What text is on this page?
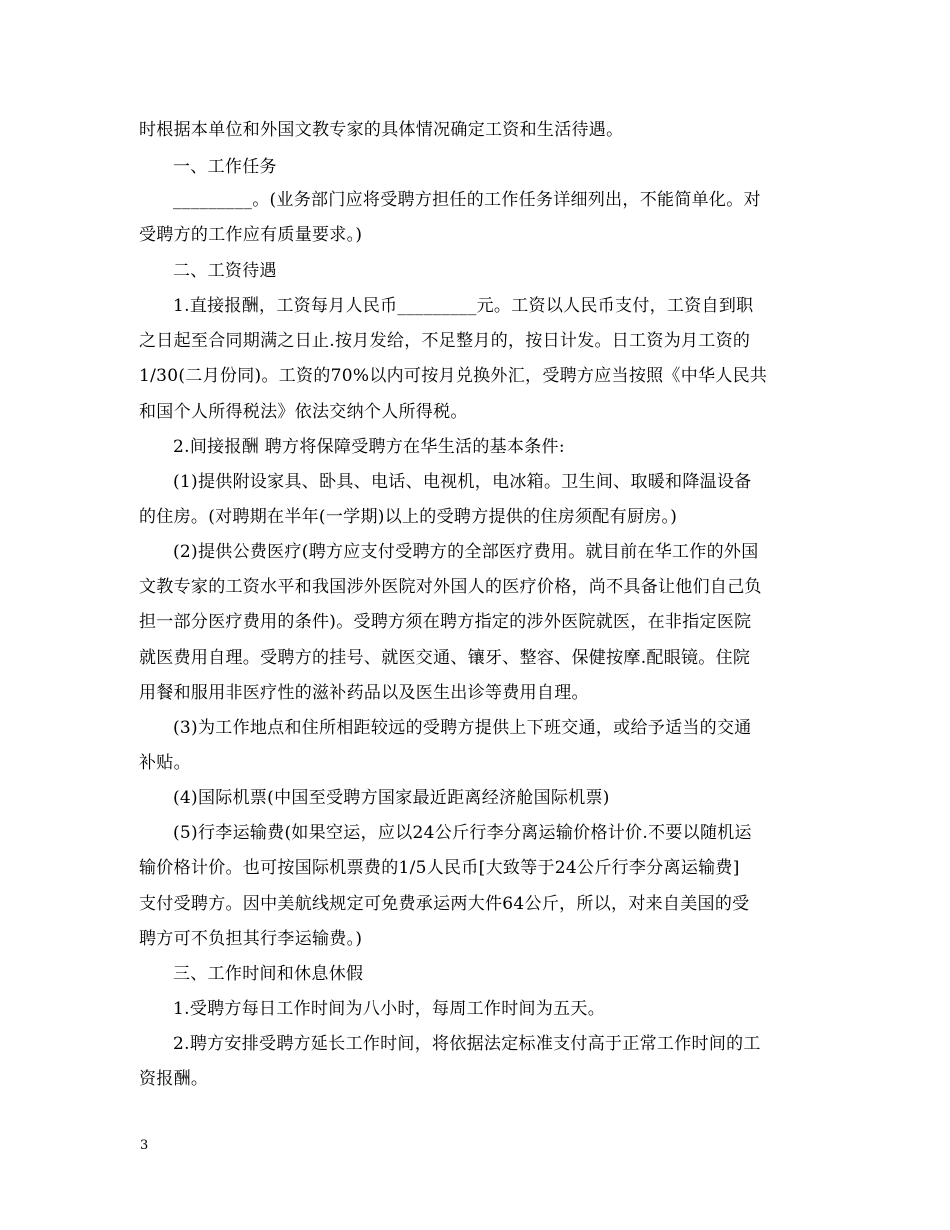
时根据本单位和外国文教专家的具体情况确定工资和生活待遇。
一、工作任务
_________。(业务部门应将受聘方担任的工作任务详细列出，不能简单化。对
受聘方的工作应有质量要求。)
二、工资待遇
1.直接报酬，工资每月人民币_________元。工资以人民币支付，工资自到职
之日起至合同期满之日止.按月发给，不足整月的，按日计发。日工资为月工资的
1/30(二月份同)。工资的70%以内可按月兑换外汇，受聘方应当按照《中华人民共
和国个人所得税法》依法交纳个人所得税。
2.间接报酬 聘方将保障受聘方在华生活的基本条件:
(1)提供附设家具、卧具、电话、电视机，电冰箱。卫生间、取暖和降温设备
的住房。(对聘期在半年(一学期)以上的受聘方提供的住房须配有厨房。)
(2)提供公费医疗(聘方应支付受聘方的全部医疗费用。就目前在华工作的外国
文教专家的工资水平和我国涉外医院对外国人的医疗价格，尚不具备让他们自己负
担一部分医疗费用的条件)。受聘方须在聘方指定的涉外医院就医，在非指定医院
就医费用自理。受聘方的挂号、就医交通、镶牙、整容、保健按摩.配眼镜。住院
用餐和服用非医疗性的滋补药品以及医生出诊等费用自理。
(3)为工作地点和住所相距较远的受聘方提供上下班交通，或给予适当的交通
补贴。
(4)国际机票(中国至受聘方国家最近距离经济舱国际机票)
(5)行李运输费(如果空运，应以24公斤行李分离运输价格计价.不要以随机运
输价格计价。也可按国际机票费的1/5人民币[大致等于24公斤行李分离运输费]
支付受聘方。因中美航线规定可免费承运两大件64公斤，所以，对来自美国的受
聘方可不负担其行李运输费。)
三、工作时间和休息休假
1.受聘方每日工作时间为八小时，每周工作时间为五天。
2.聘方安排受聘方延长工作时间，将依据法定标准支付高于正常工作时间的工
资报酬。
3
